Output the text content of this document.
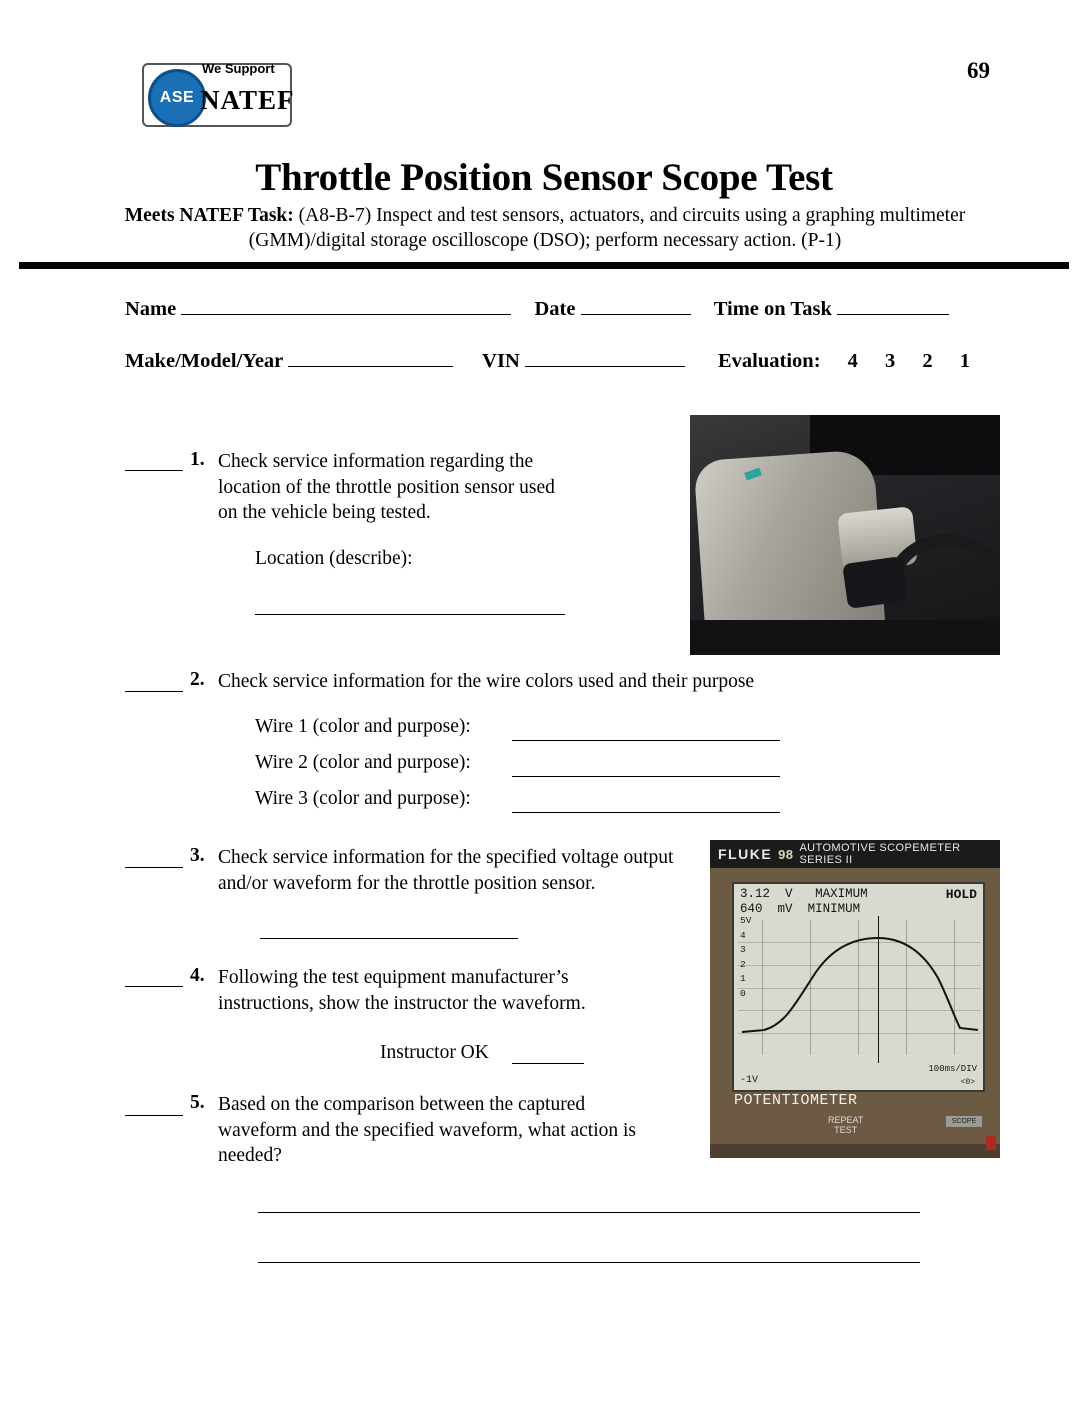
69
ASE
We Support
NATEF
Throttle Position Sensor Scope Test
Meets NATEF Task: (A8-B-7) Inspect and test sensors, actuators, and circuits using a graphing multimeter (GMM)/digital storage oscilloscope (DSO); perform necessary action. (P-1)
Name	Date	Time on Task
Make/Model/Year	VIN	Evaluation: 4 3 2 1
1. Check service information regarding the location of the throttle position sensor used on the vehicle being tested.
Location (describe):
2. Check service information for the wire colors used and their purpose
Wire 1 (color and purpose):
Wire 2 (color and purpose):
Wire 3 (color and purpose):
3. Check service information for the specified voltage output and/or waveform for the throttle position sensor.
4. Following the test equipment manufacturer’s instructions, show the instructor the waveform.
Instructor OK
5. Based on the comparison between the captured waveform and the specified waveform, what action is needed?
FLUKE 98 AUTOMOTIVE SCOPEMETER SERIES II
3.12 V MAXIMUM
640 mV MINIMUM
HOLD
5V
4
3
2
1
0
-1V
100ms/DIV
<0>
POTENTIOMETER
REPEAT
TEST
SCOPE
